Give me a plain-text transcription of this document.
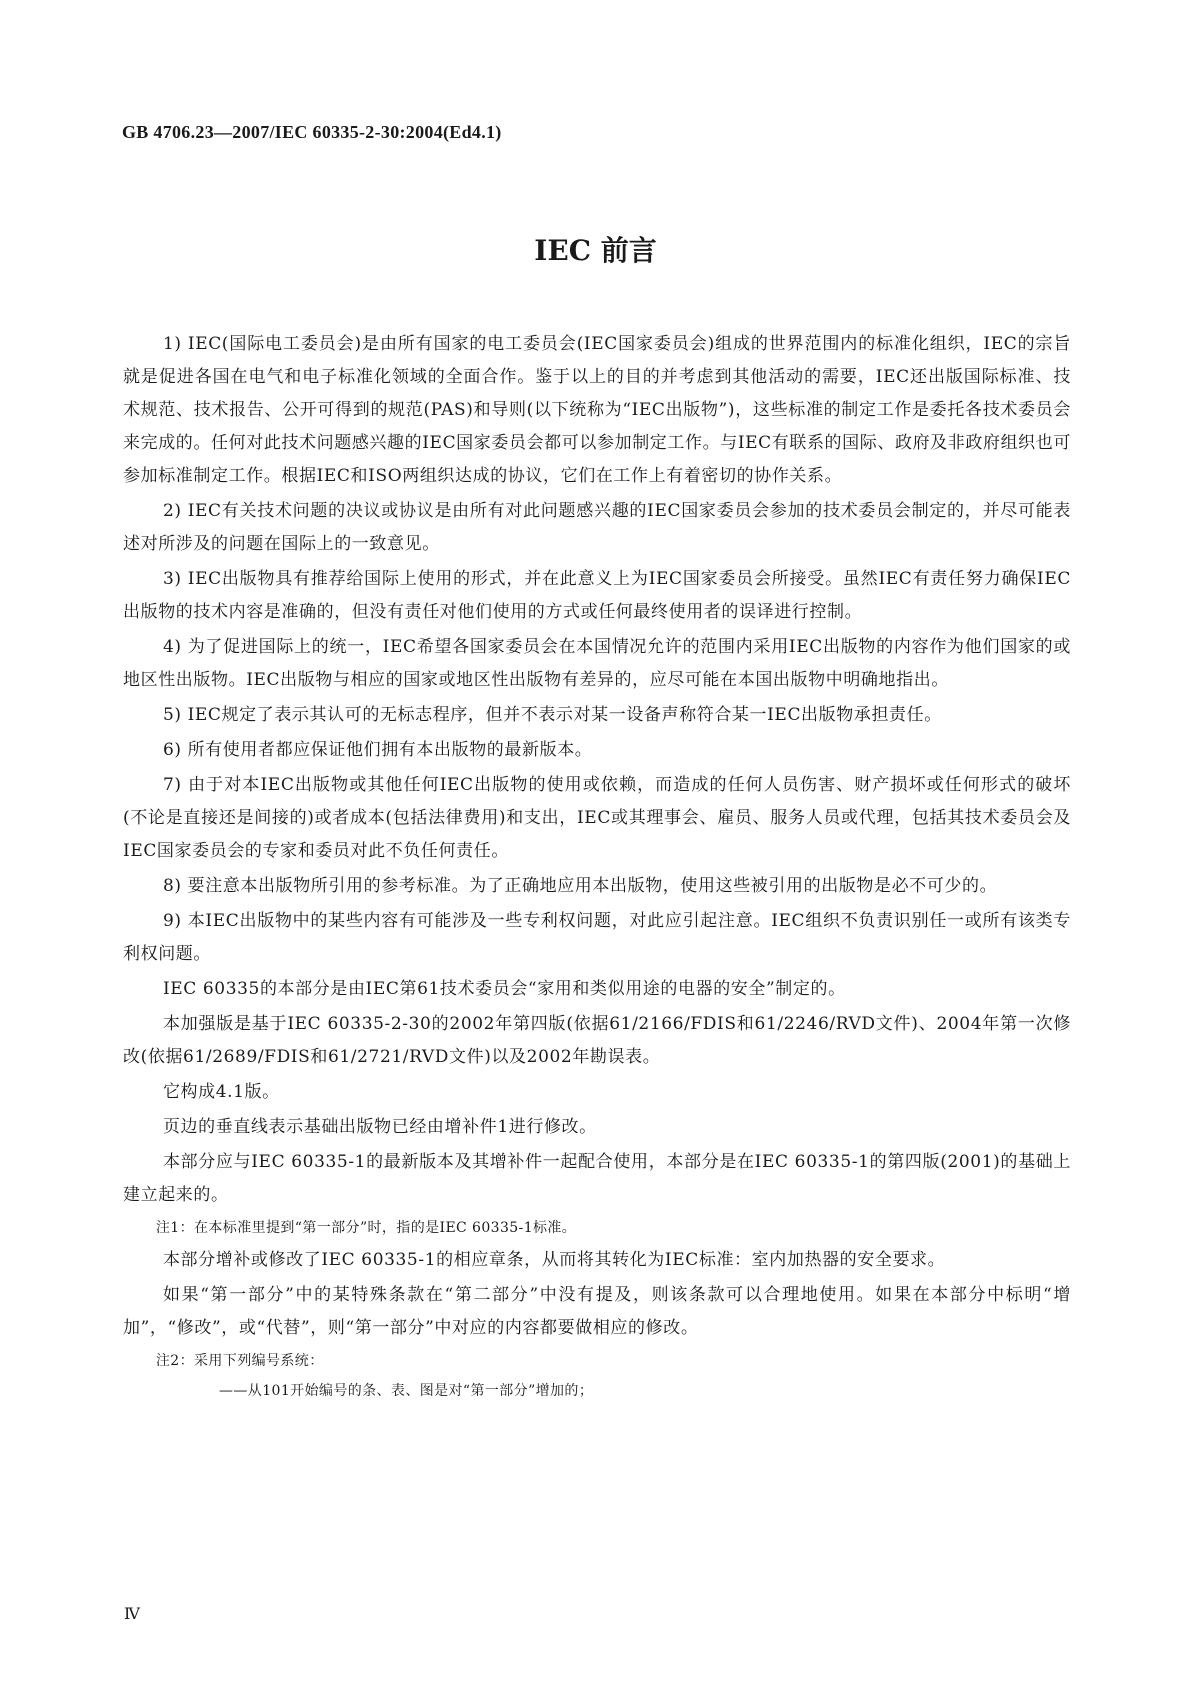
GB 4706.23—2007/IEC 60335-2-30:2004(Ed4.1)
IEC 前言

1) IEC(国际电工委员会)是由所有国家的电工委员会(IEC国家委员会)组成的世界范围内的标准化组织，IEC的宗旨就是促进各国在电气和电子标准化领域的全面合作。鉴于以上的目的并考虑到其他活动的需要，IEC还出版国际标准、技术规范、技术报告、公开可得到的规范(PAS)和导则(以下统称为“IEC出版物”)，这些标准的制定工作是委托各技术委员会来完成的。任何对此技术问题感兴趣的IEC国家委员会都可以参加制定工作。与IEC有联系的国际、政府及非政府组织也可参加标准制定工作。根据IEC和ISO两组织达成的协议，它们在工作上有着密切的协作关系。

2) IEC有关技术问题的决议或协议是由所有对此问题感兴趣的IEC国家委员会参加的技术委员会制定的，并尽可能表述对所涉及的问题在国际上的一致意见。

3) IEC出版物具有推荐给国际上使用的形式，并在此意义上为IEC国家委员会所接受。虽然IEC有责任努力确保IEC出版物的技术内容是准确的，但没有责任对他们使用的方式或任何最终使用者的误译进行控制。

4) 为了促进国际上的统一，IEC希望各国家委员会在本国情况允许的范围内采用IEC出版物的内容作为他们国家的或地区性出版物。IEC出版物与相应的国家或地区性出版物有差异的，应尽可能在本国出版物中明确地指出。

5) IEC规定了表示其认可的无标志程序，但并不表示对某一设备声称符合某一IEC出版物承担责任。

6) 所有使用者都应保证他们拥有本出版物的最新版本。

7) 由于对本IEC出版物或其他任何IEC出版物的使用或依赖，而造成的任何人员伤害、财产损坏或任何形式的破坏(不论是直接还是间接的)或者成本(包括法律费用)和支出，IEC或其理事会、雇员、服务人员或代理，包括其技术委员会及IEC国家委员会的专家和委员对此不负任何责任。

8) 要注意本出版物所引用的参考标准。为了正确地应用本出版物，使用这些被引用的出版物是必不可少的。

9) 本IEC出版物中的某些内容有可能涉及一些专利权问题，对此应引起注意。IEC组织不负责识别任一或所有该类专利权问题。

IEC 60335的本部分是由IEC第61技术委员会“家用和类似用途的电器的安全”制定的。

本加强版是基于IEC 60335-2-30的2002年第四版(依据61/2166/FDIS和61/2246/RVD文件)、2004年第一次修改(依据61/2689/FDIS和61/2721/RVD文件)以及2002年勘误表。

它构成4.1版。

页边的垂直线表示基础出版物已经由增补件1进行修改。

本部分应与IEC 60335-1的最新版本及其增补件一起配合使用，本部分是在IEC 60335-1的第四版(2001)的基础上建立起来的。

注1：在本标准里提到“第一部分”时，指的是IEC 60335-1标准。

本部分增补或修改了IEC 60335-1的相应章条，从而将其转化为IEC标准：室内加热器的安全要求。

如果“第一部分”中的某特殊条款在“第二部分”中没有提及，则该条款可以合理地使用。如果在本部分中标明“增加”，“修改”，或“代替”，则“第一部分”中对应的内容都要做相应的修改。

注2：采用下列编号系统：

——从101开始编号的条、表、图是对“第一部分”增加的；

Ⅳ
